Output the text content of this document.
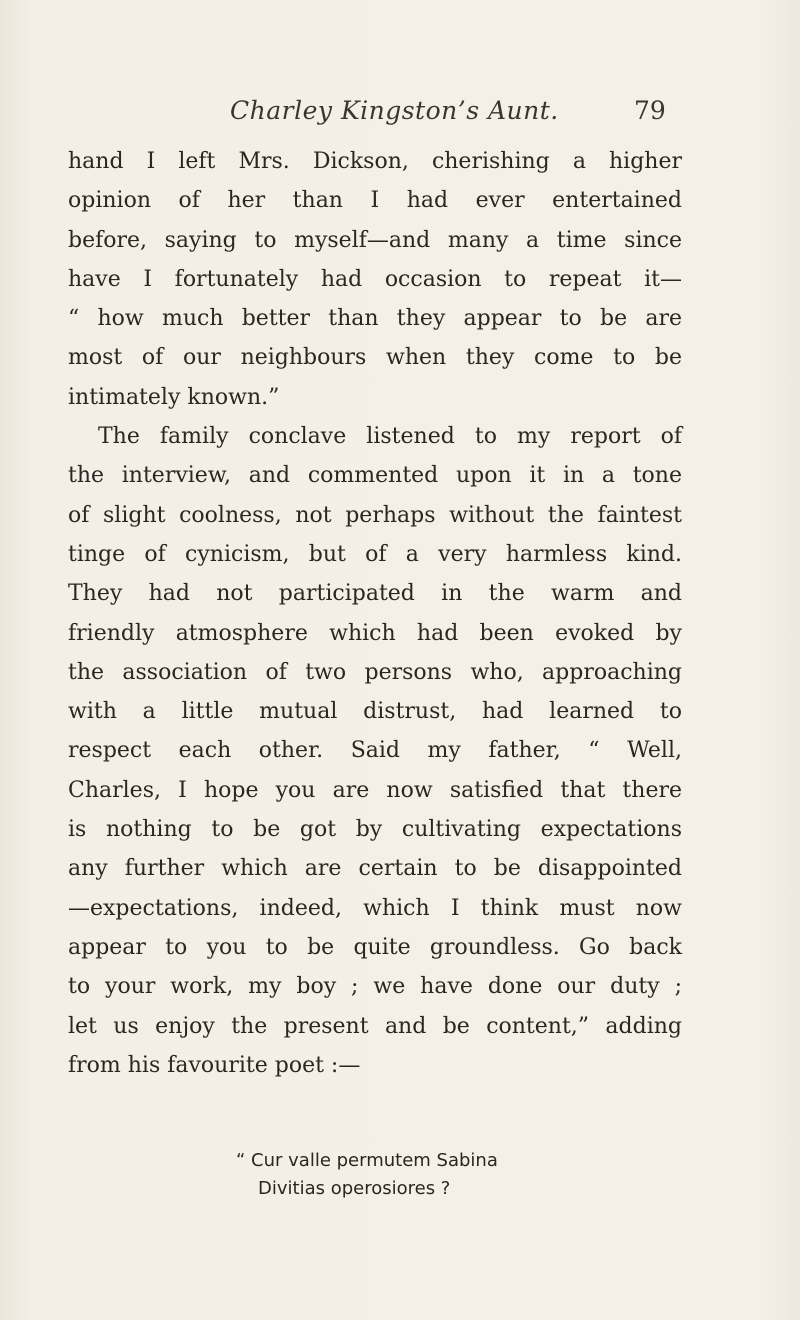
Charley Kingston’s Aunt.	79
hand I left Mrs. Dickson, cherishing a higher
opinion of her than I had ever entertained
before, saying to myself—and many a time since
have I fortunately had occasion to repeat it—
“ how much better than they appear to be are
most of our neighbours when they come to be
intimately known.”
The family conclave listened to my report of
the interview, and commented upon it in a tone
of slight coolness, not perhaps without the faintest
tinge of cynicism, but of a very harmless kind.
They had not participated in the warm and
friendly atmosphere which had been evoked by
the association of two persons who, approaching
with a little mutual distrust, had learned to
respect each other. Said my father, “ Well,
Charles, I hope you are now satisfied that there
is nothing to be got by cultivating expectations
any further which are certain to be disappointed
—expectations, indeed, which I think must now
appear to you to be quite groundless. Go back
to your work, my boy ; we have done our duty ;
let us enjoy the present and be content,” adding
from his favourite poet :—
“ Cur valle permutem Sabina
Divitias operosiores ?
